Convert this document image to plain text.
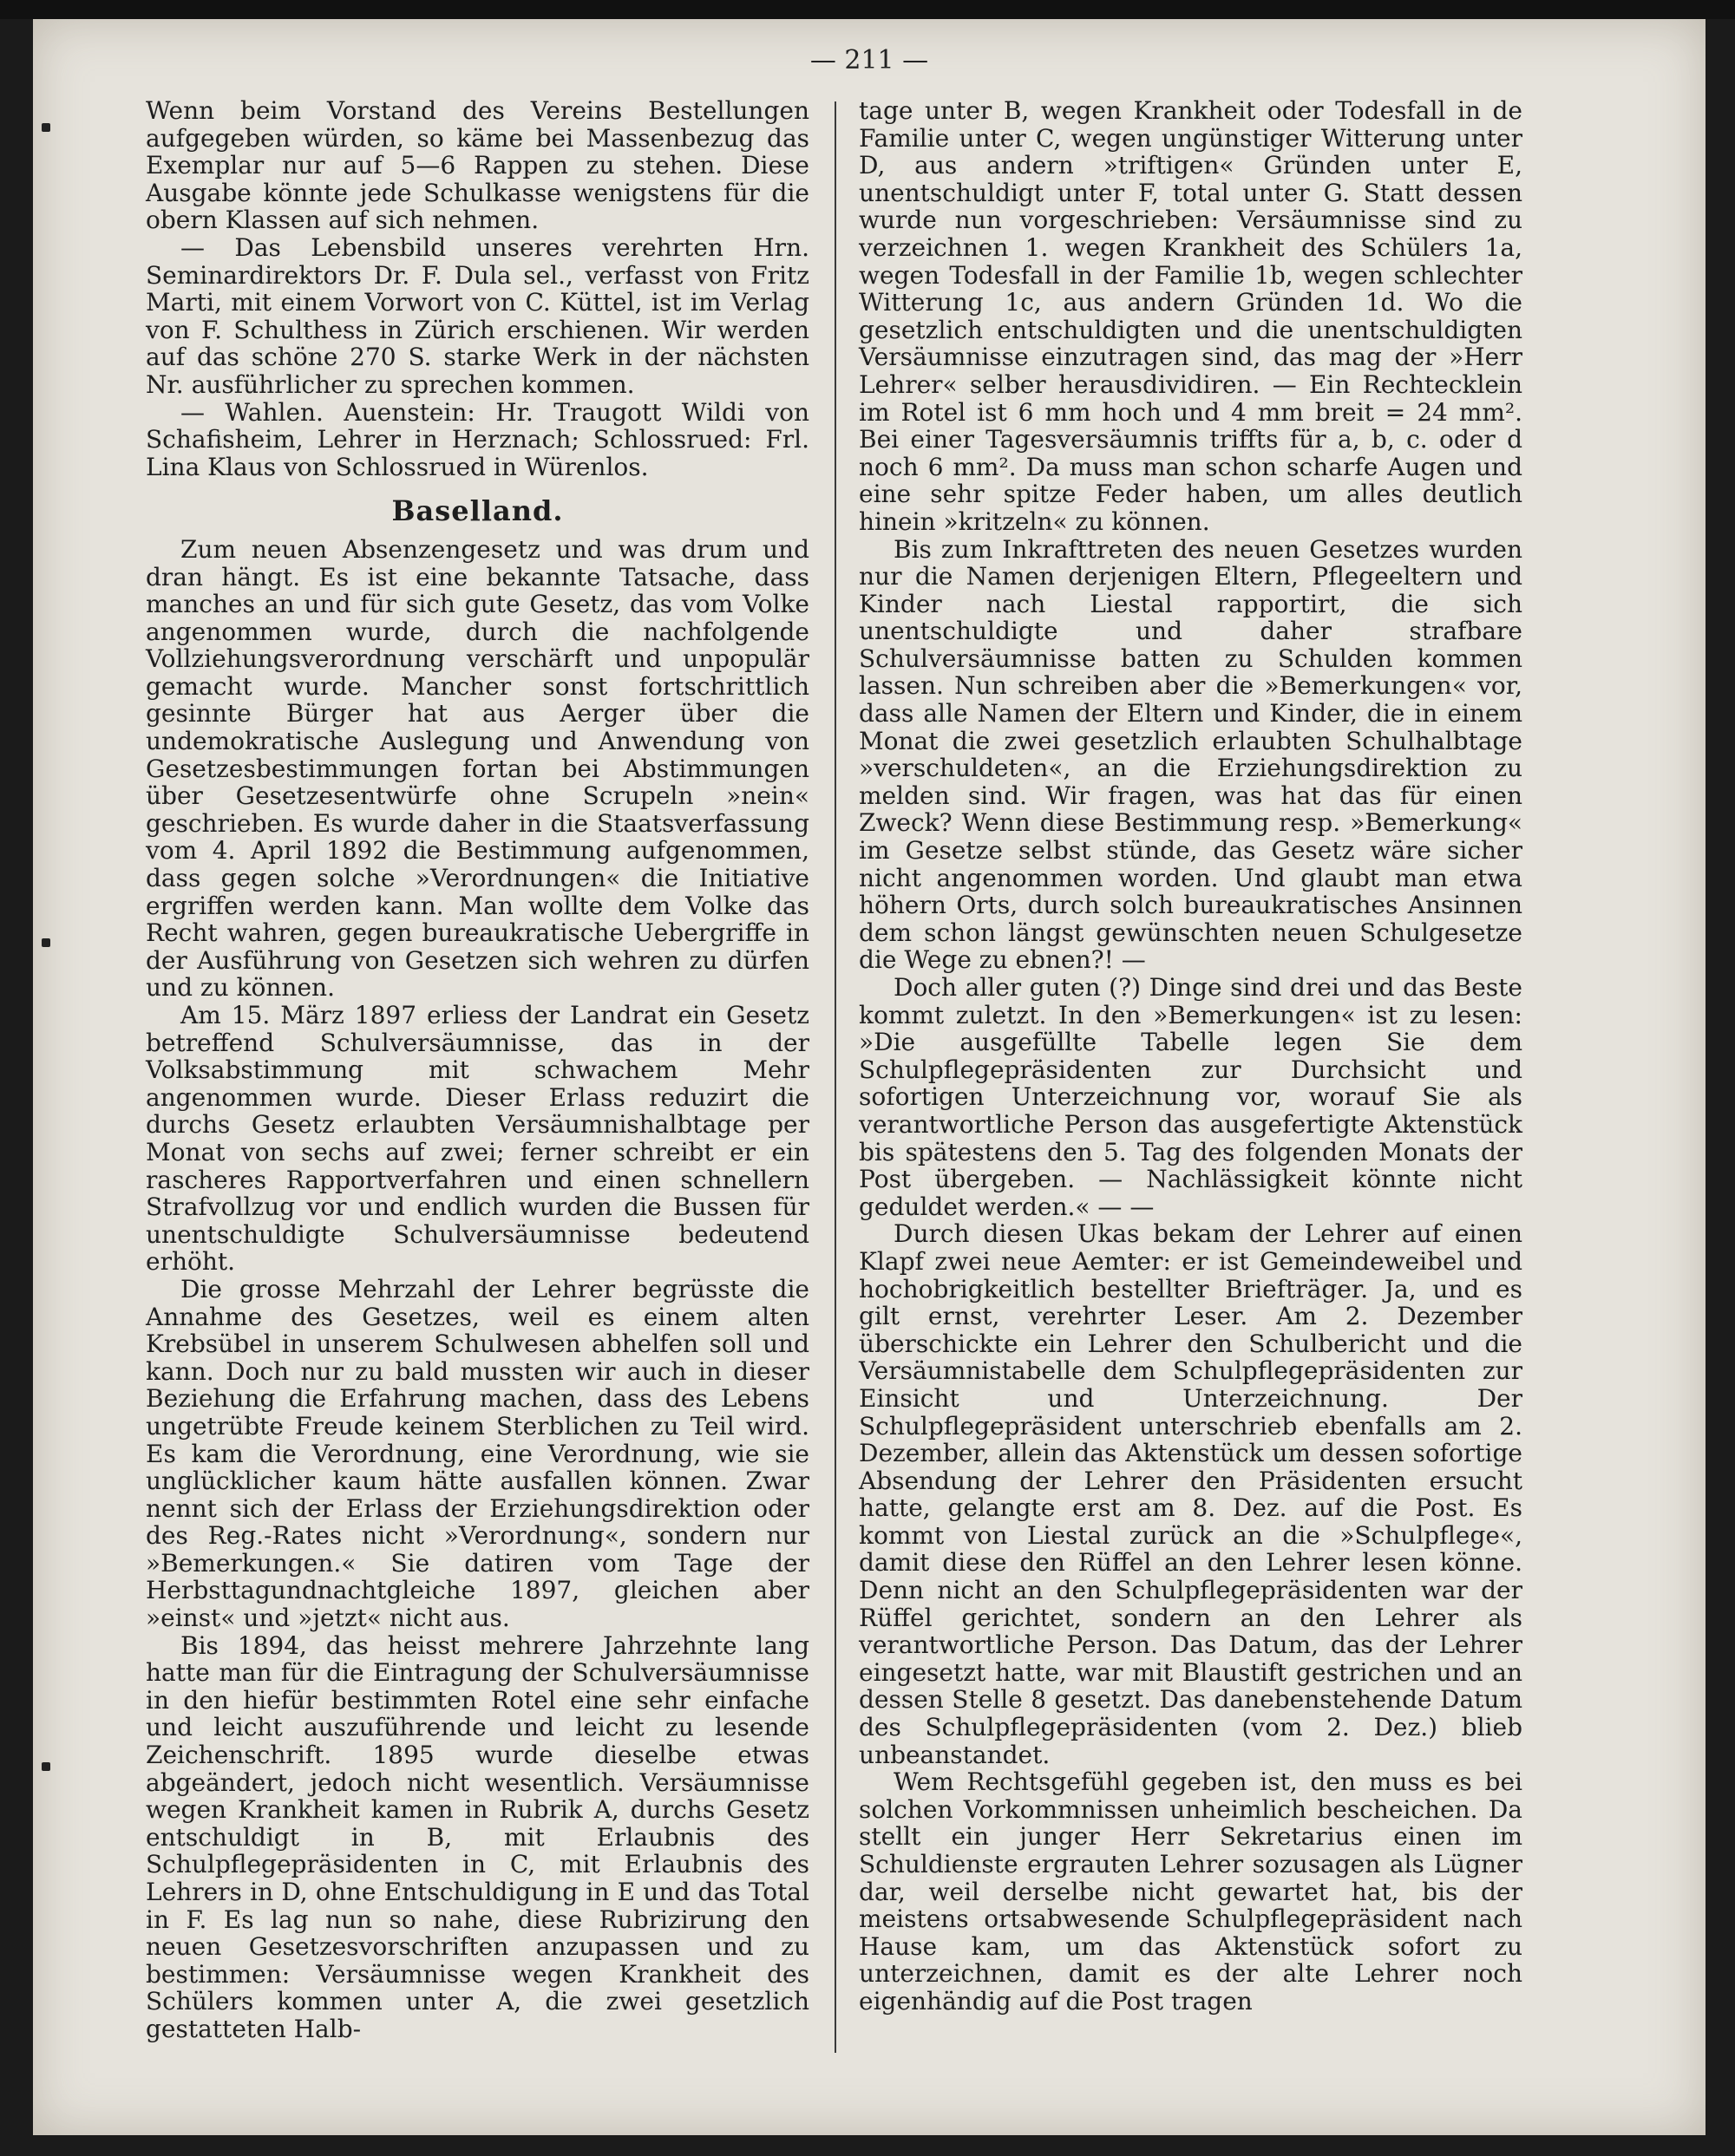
— 211 —

Wenn beim Vorstand des Vereins Bestellungen aufgegeben würden, so käme bei Massenbezug das Exemplar nur auf 5—6 Rappen zu stehen. Diese Ausgabe könnte jede Schulkasse wenigstens für die obern Klassen auf sich nehmen.

— Das Lebensbild unseres verehrten Hrn. Seminardirektors Dr. F. Dula sel., verfasst von Fritz Marti, mit einem Vorwort von C. Küttel, ist im Verlag von F. Schulthess in Zürich erschienen. Wir werden auf das schöne 270 S. starke Werk in der nächsten Nr. ausführlicher zu sprechen kommen.

— Wahlen. Auenstein: Hr. Traugott Wildi von Schafisheim, Lehrer in Herznach; Schlossrued: Frl. Lina Klaus von Schlossrued in Würenlos.

Baselland.

Zum neuen Absenzengesetz und was drum und dran hängt. Es ist eine bekannte Tatsache, dass manches an und für sich gute Gesetz, das vom Volke angenommen wurde, durch die nachfolgende Vollziehungsverordnung verschärft und unpopulär gemacht wurde. Mancher sonst fortschrittlich gesinnte Bürger hat aus Aerger über die undemokratische Auslegung und Anwendung von Gesetzesbestimmungen fortan bei Abstimmungen über Gesetzesentwürfe ohne Scrupeln »nein« geschrieben. Es wurde daher in die Staatsverfassung vom 4. April 1892 die Bestimmung aufgenommen, dass gegen solche »Verordnungen« die Initiative ergriffen werden kann. Man wollte dem Volke das Recht wahren, gegen bureaukratische Uebergriffe in der Ausführung von Gesetzen sich wehren zu dürfen und zu können.

Am 15. März 1897 erliess der Landrat ein Gesetz betreffend Schulversäumnisse, das in der Volksabstimmung mit schwachem Mehr angenommen wurde. Dieser Erlass reduzirt die durchs Gesetz erlaubten Versäumnishalbtage per Monat von sechs auf zwei; ferner schreibt er ein rascheres Rapportverfahren und einen schnellern Strafvollzug vor und endlich wurden die Bussen für unentschuldigte Schulversäumnisse bedeutend erhöht.

Die grosse Mehrzahl der Lehrer begrüsste die Annahme des Gesetzes, weil es einem alten Krebsübel in unserem Schulwesen abhelfen soll und kann. Doch nur zu bald mussten wir auch in dieser Beziehung die Erfahrung machen, dass des Lebens ungetrübte Freude keinem Sterblichen zu Teil wird. Es kam die Verordnung, eine Verordnung, wie sie unglücklicher kaum hätte ausfallen können. Zwar nennt sich der Erlass der Erziehungsdirektion oder des Reg.-Rates nicht »Verordnung«, sondern nur »Bemerkungen.« Sie datiren vom Tage der Herbsttagundnachtgleiche 1897, gleichen aber »einst« und »jetzt« nicht aus.

Bis 1894, das heisst mehrere Jahrzehnte lang hatte man für die Eintragung der Schulversäumnisse in den hiefür bestimmten Rotel eine sehr einfache und leicht auszuführende und leicht zu lesende Zeichenschrift. 1895 wurde dieselbe etwas abgeändert, jedoch nicht wesentlich. Versäumnisse wegen Krankheit kamen in Rubrik A, durchs Gesetz entschuldigt in B, mit Erlaubnis des Schulpflegepräsidenten in C, mit Erlaubnis des Lehrers in D, ohne Entschuldigung in E und das Total in F. Es lag nun so nahe, diese Rubrizirung den neuen Gesetzesvorschriften anzupassen und zu bestimmen: Versäumnisse wegen Krankheit des Schülers kommen unter A, die zwei gesetzlich gestatteten Halb-

tage unter B, wegen Krankheit oder Todesfall in de Familie unter C, wegen ungünstiger Witterung unter D, aus andern »triftigen« Gründen unter E, unentschuldigt unter F, total unter G. Statt dessen wurde nun vorgeschrieben: Versäumnisse sind zu verzeichnen 1. wegen Krankheit des Schülers 1a, wegen Todesfall in der Familie 1b, wegen schlechter Witterung 1c, aus andern Gründen 1d. Wo die gesetzlich entschuldigten und die unentschuldigten Versäumnisse einzutragen sind, das mag der »Herr Lehrer« selber herausdividiren. — Ein Rechtecklein im Rotel ist 6 mm hoch und 4 mm breit = 24 mm². Bei einer Tagesversäumnis triffts für a, b, c. oder d noch 6 mm². Da muss man schon scharfe Augen und eine sehr spitze Feder haben, um alles deutlich hinein »kritzeln« zu können.

Bis zum Inkrafttreten des neuen Gesetzes wurden nur die Namen derjenigen Eltern, Pflegeeltern und Kinder nach Liestal rapportirt, die sich unentschuldigte und daher strafbare Schulversäumnisse batten zu Schulden kommen lassen. Nun schreiben aber die »Bemerkungen« vor, dass alle Namen der Eltern und Kinder, die in einem Monat die zwei gesetzlich erlaubten Schulhalbtage »verschuldeten«, an die Erziehungsdirektion zu melden sind. Wir fragen, was hat das für einen Zweck? Wenn diese Bestimmung resp. »Bemerkung« im Gesetze selbst stünde, das Gesetz wäre sicher nicht angenommen worden. Und glaubt man etwa höhern Orts, durch solch bureaukratisches Ansinnen dem schon längst gewünschten neuen Schulgesetze die Wege zu ebnen?! —

Doch aller guten (?) Dinge sind drei und das Beste kommt zuletzt. In den »Bemerkungen« ist zu lesen: »Die ausgefüllte Tabelle legen Sie dem Schulpflegepräsidenten zur Durchsicht und sofortigen Unterzeichnung vor, worauf Sie als verantwortliche Person das ausgefertigte Aktenstück bis spätestens den 5. Tag des folgenden Monats der Post übergeben. — Nachlässigkeit könnte nicht geduldet werden.« — —

Durch diesen Ukas bekam der Lehrer auf einen Klapf zwei neue Aemter: er ist Gemeindeweibel und hochobrigkeitlich bestellter Briefträger. Ja, und es gilt ernst, verehrter Leser. Am 2. Dezember überschickte ein Lehrer den Schulbericht und die Versäumnistabelle dem Schulpflegepräsidenten zur Einsicht und Unterzeichnung. Der Schulpflegepräsident unterschrieb ebenfalls am 2. Dezember, allein das Aktenstück um dessen sofortige Absendung der Lehrer den Präsidenten ersucht hatte, gelangte erst am 8. Dez. auf die Post. Es kommt von Liestal zurück an die »Schulpflege«, damit diese den Rüffel an den Lehrer lesen könne. Denn nicht an den Schulpflegepräsidenten war der Rüffel gerichtet, sondern an den Lehrer als verantwortliche Person. Das Datum, das der Lehrer eingesetzt hatte, war mit Blaustift gestrichen und an dessen Stelle 8 gesetzt. Das danebenstehende Datum des Schulpflegepräsidenten (vom 2. Dez.) blieb unbeanstandet.

Wem Rechtsgefühl gegeben ist, den muss es bei solchen Vorkommnissen unheimlich bescheichen. Da stellt ein junger Herr Sekretarius einen im Schuldienste ergrauten Lehrer sozusagen als Lügner dar, weil derselbe nicht gewartet hat, bis der meistens ortsabwesende Schulpflegepräsident nach Hause kam, um das Aktenstück sofort zu unterzeichnen, damit es der alte Lehrer noch eigenhändig auf die Post tragen
